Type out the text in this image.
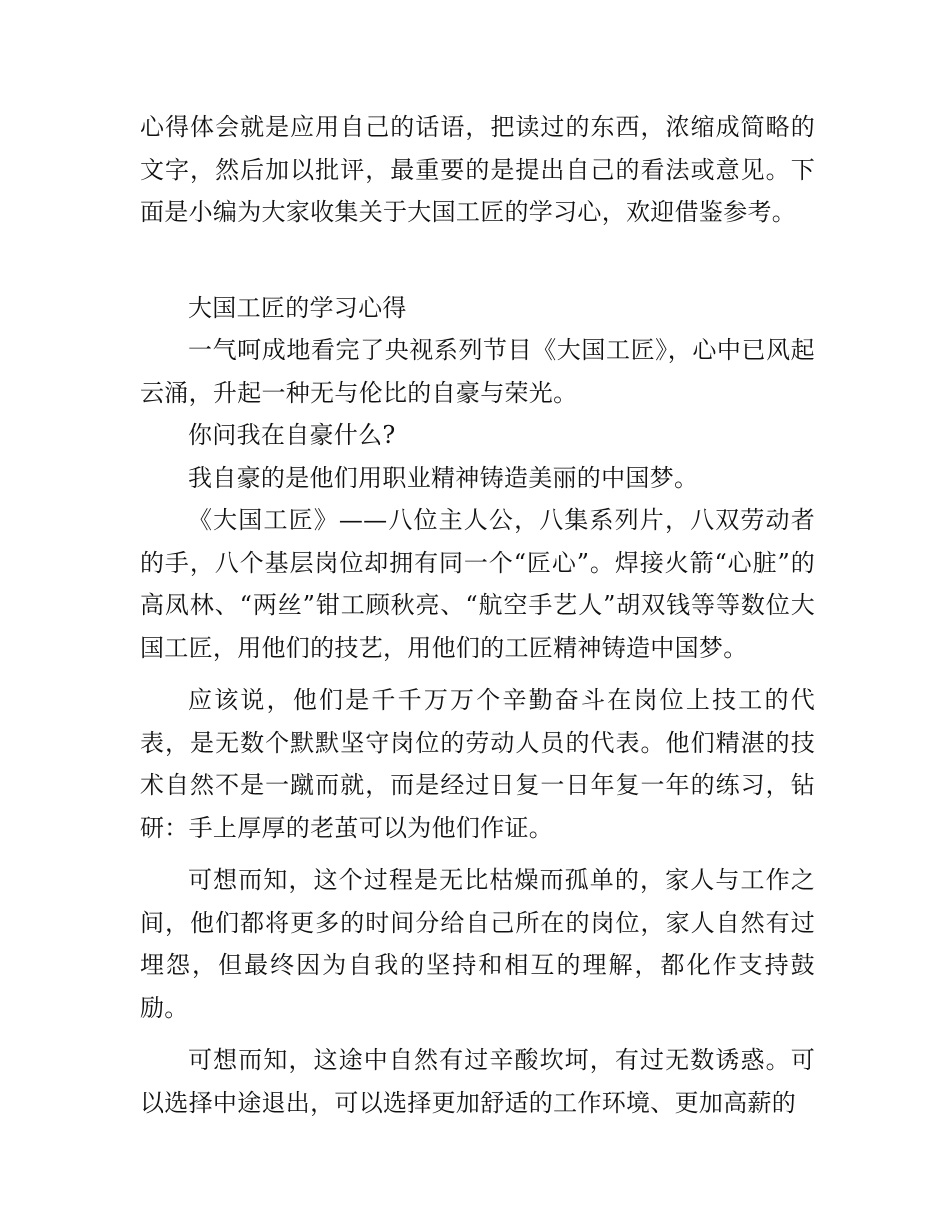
心得体会就是应用自己的话语，把读过的东西，浓缩成简略的文字，然后加以批评，最重要的是提出自己的看法或意见。下面是小编为大家收集关于大国工匠的学习心，欢迎借鉴参考。

大国工匠的学习心得

一气呵成地看完了央视系列节目《大国工匠》，心中已风起云涌，升起一种无与伦比的自豪与荣光。

你问我在自豪什么?

我自豪的是他们用职业精神铸造美丽的中国梦。

《大国工匠》——八位主人公，八集系列片，八双劳动者的手，八个基层岗位却拥有同一个“匠心”。焊接火箭“心脏”的高凤林、“两丝”钳工顾秋亮、“航空手艺人”胡双钱等等数位大国工匠，用他们的技艺，用他们的工匠精神铸造中国梦。

应该说，他们是千千万万个辛勤奋斗在岗位上技工的代表，是无数个默默坚守岗位的劳动人员的代表。他们精湛的技术自然不是一蹴而就，而是经过日复一日年复一年的练习，钻研：手上厚厚的老茧可以为他们作证。

可想而知，这个过程是无比枯燥而孤单的，家人与工作之间，他们都将更多的时间分给自己所在的岗位，家人自然有过埋怨，但最终因为自我的坚持和相互的理解，都化作支持鼓励。

可想而知，这途中自然有过辛酸坎坷，有过无数诱惑。可以选择中途退出，可以选择更加舒适的工作环境、更加高薪的
